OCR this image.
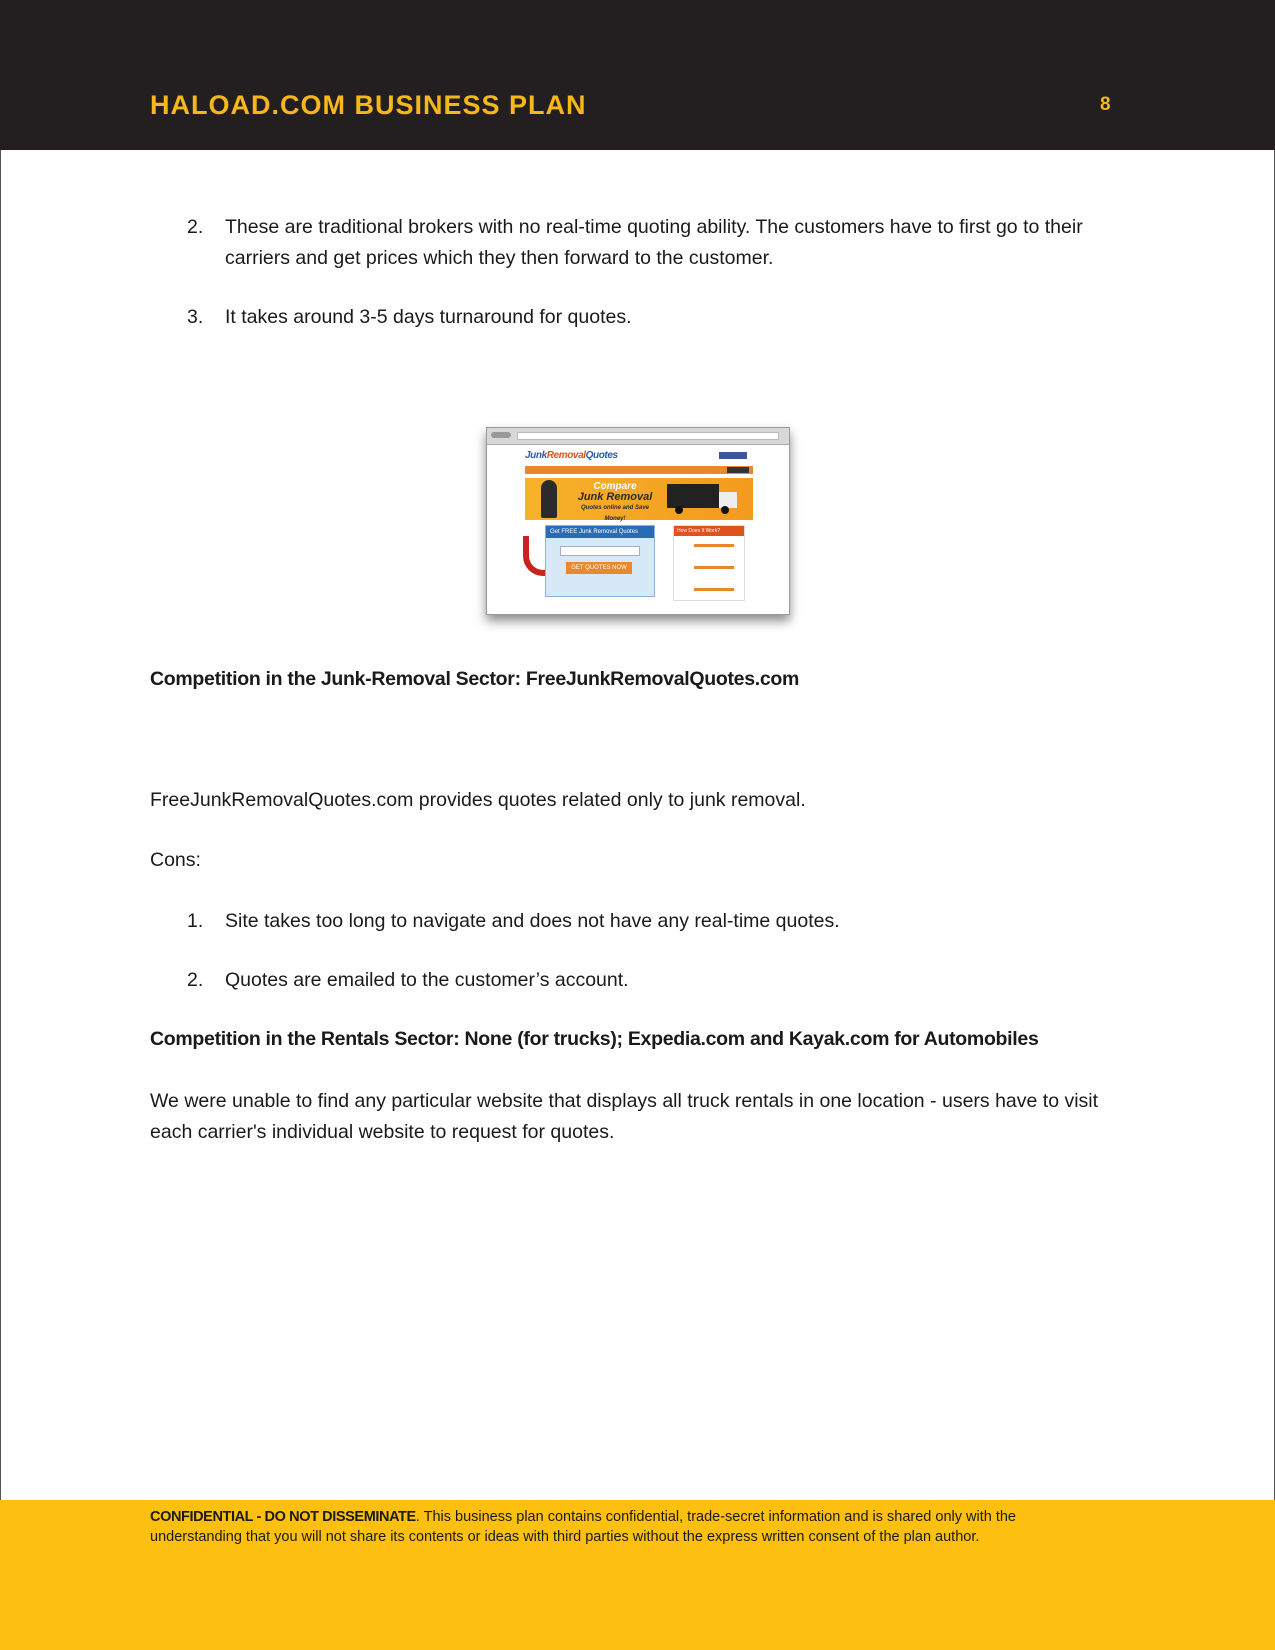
HALOAD.COM BUSINESS PLAN	8
2. These are traditional brokers with no real-time quoting ability. The customers have to first go to their carriers and get prices which they then forward to the customer.
3. It takes around 3-5 days turnaround for quotes.
JunkRemovalQuotes
Compare
Junk Removal
Quotes online and Save Money!
Get FREE Junk Removal Quotes
GET QUOTES NOW
How Does It Work?
Competition in the Junk-Removal Sector: FreeJunkRemovalQuotes.com
FreeJunkRemovalQuotes.com provides quotes related only to junk removal.
Cons:
1. Site takes too long to navigate and does not have any real-time quotes.
2. Quotes are emailed to the customer’s account.
Competition in the Rentals Sector: None (for trucks); Expedia.com and Kayak.com for Automobiles
We were unable to find any particular website that displays all truck rentals in one location - users have to visit each carrier's individual website to request for quotes.
CONFIDENTIAL - DO NOT DISSEMINATE. This business plan contains confidential, trade-secret information and is shared only with the understanding that you will not share its contents or ideas with third parties without the express written consent of the plan author.
